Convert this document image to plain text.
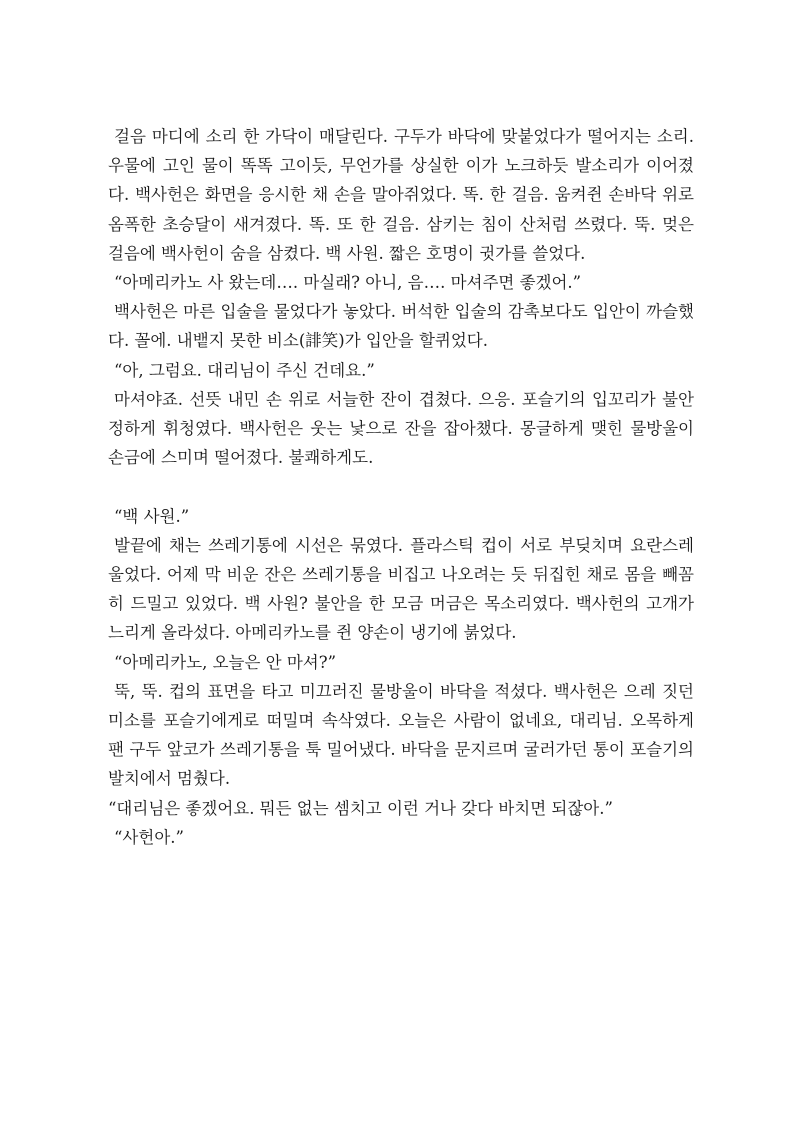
걸음 마디에 소리 한 가닥이 매달린다. 구두가 바닥에 맞붙었다가 떨어지는 소리. 우물에 고인 물이 똑똑 고이듯, 무언가를 상실한 이가 노크하듯 발소리가 이어졌다. 백사헌은 화면을 응시한 채 손을 말아쥐었다. 똑. 한 걸음. 움켜쥔 손바닥 위로 옴폭한 초승달이 새겨졌다. 똑. 또 한 걸음. 삼키는 침이 산처럼 쓰렸다. 뚝. 멎은 걸음에 백사헌이 숨을 삼켰다. 백 사원. 짧은 호명이 귓가를 쓸었다.

“아메리카노 사 왔는데…. 마실래? 아니, 음…. 마셔주면 좋겠어.”

백사헌은 마른 입술을 물었다가 놓았다. 버석한 입술의 감촉보다도 입안이 까슬했다. 꼴에. 내뱉지 못한 비소(誹笑)가 입안을 할퀴었다.

“아, 그럼요. 대리님이 주신 건데요.”

마셔야죠. 선뜻 내민 손 위로 서늘한 잔이 겹쳤다. 으응. 포슬기의 입꼬리가 불안정하게 휘청였다. 백사헌은 웃는 낯으로 잔을 잡아챘다. 몽글하게 맺힌 물방울이 손금에 스미며 떨어졌다. 불쾌하게도.

“백 사원.”

발끝에 채는 쓰레기통에 시선은 묶였다. 플라스틱 컵이 서로 부딪치며 요란스레 울었다. 어제 막 비운 잔은 쓰레기통을 비집고 나오려는 듯 뒤집힌 채로 몸을 빼꼼히 드밀고 있었다. 백 사원? 불안을 한 모금 머금은 목소리였다. 백사헌의 고개가 느리게 올라섰다. 아메리카노를 쥔 양손이 냉기에 붉었다.

“아메리카노, 오늘은 안 마셔?”

뚝, 뚝. 컵의 표면을 타고 미끄러진 물방울이 바닥을 적셨다. 백사헌은 으레 짓던 미소를 포슬기에게로 떠밀며 속삭였다. 오늘은 사람이 없네요, 대리님. 오목하게 팬 구두 앞코가 쓰레기통을 툭 밀어냈다. 바닥을 문지르며 굴러가던 통이 포슬기의 발치에서 멈췄다.

“대리님은 좋겠어요. 뭐든 없는 셈치고 이런 거나 갖다 바치면 되잖아.”

“사헌아.”
